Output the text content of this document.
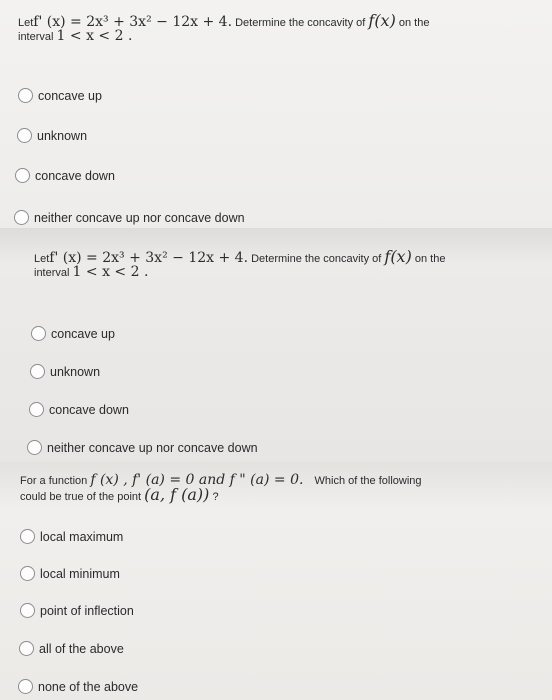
Letf' (x) = 2x³ + 3x² − 12x + 4. Determine the concavity of f(x) on the
interval 1 < x < 2 .
concave up
unknown
concave down
neither concave up nor concave down
Letf' (x) = 2x³ + 3x² − 12x + 4. Determine the concavity of f(x) on the
interval 1 < x < 2 .
concave up
unknown
concave down
neither concave up nor concave down
For a function f (x) , f' (a) = 0 and f " (a) = 0. Which of the following
could be true of the point (a, f (a)) ?
local maximum
local minimum
point of inflection
all of the above
none of the above
